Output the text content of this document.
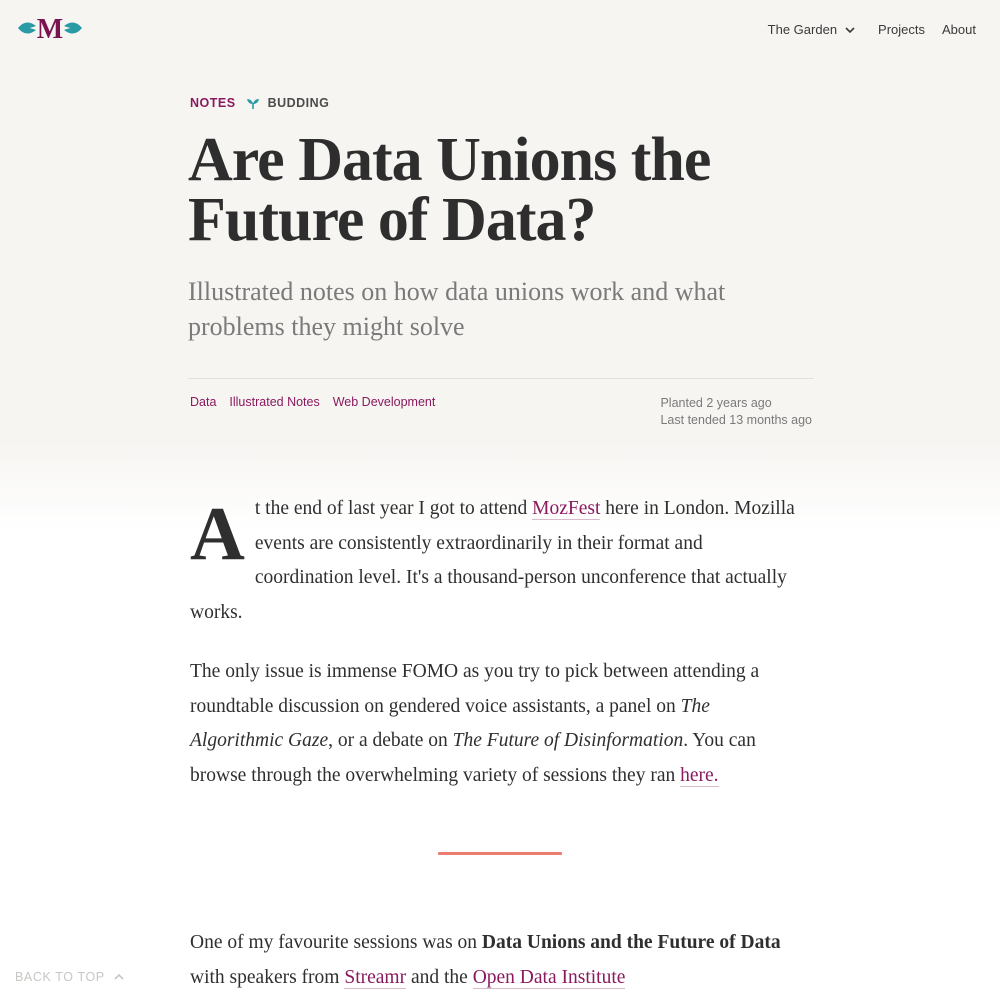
M	The Garden	Projects About
NOTES	BUDDING
Are Data Unions the
Future of Data?
Illustrated notes on how data unions work and what problems they might solve
Data Illustrated Notes Web Development	Planted 2 years ago
Last tended 13 months ago

At the end of last year I got to attend MozFest here in London. Mozilla events are consistently extraordinarily in their format and coordination level. It's a thousand-person unconference that actually works.

The only issue is immense FOMO as you try to pick between attending a roundtable discussion on gendered voice assistants, a panel on The Algorithmic Gaze, or a debate on The Future of Disinformation. You can browse through the overwhelming variety of sessions they ran here.

One of my favourite sessions was on Data Unions and the Future of Data with speakers from Streamr and the Open Data Institute

BACK TO TOP
